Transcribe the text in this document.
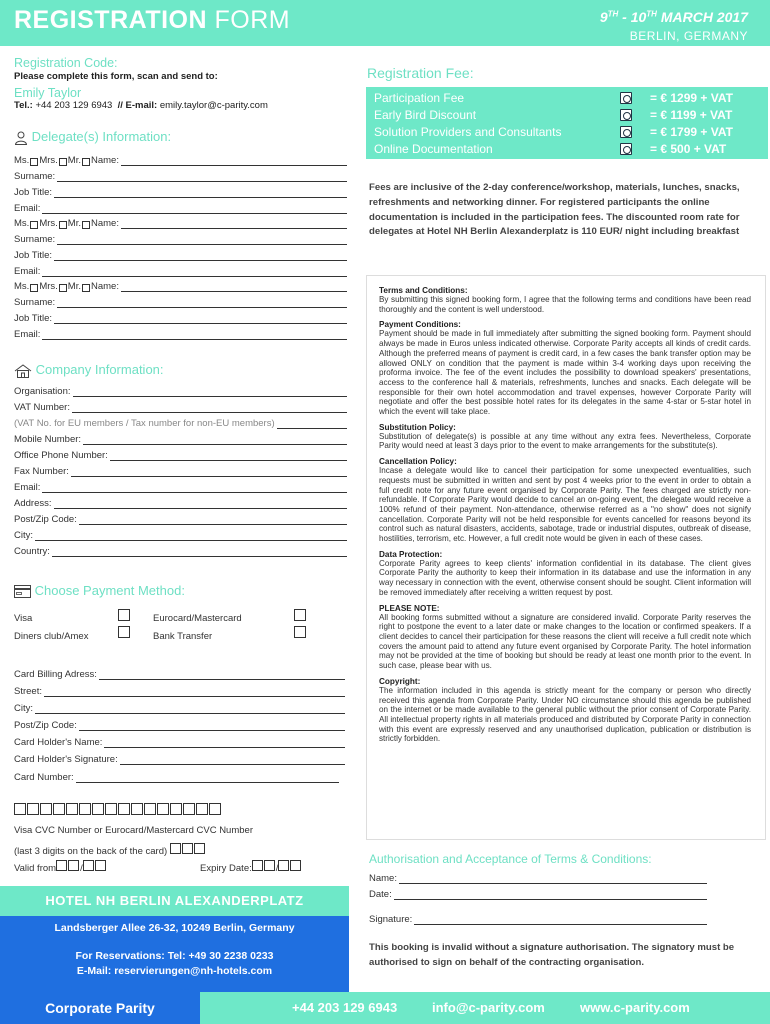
REGISTRATION FORM	9TH - 10TH MARCH 2017
BERLIN, GERMANY
Registration Code:
Please complete this form, scan and send to:
Emily Taylor
Tel.: +44 203 129 6943 // E-mail: emily.taylor@c-parity.com
Delegate(s) Information:
Ms. Mrs. Mr. Name:
Surname:
Job Title:
Email:
Ms. Mrs. Mr. Name:
Surname:
Job Title:
Email:
Ms. Mrs. Mr. Name:
Surname:
Job Title:
Email:
Company Information:
Organisation:
VAT Number:
(VAT No. for EU members / Tax number for non-EU members)
Mobile Number:
Office Phone Number:
Fax Number:
Email:
Address:
Post/Zip Code:
City:
Country:
Choose Payment Method:
Visa	Eurocard/Mastercard
Diners club/Amex	Bank Transfer
Card Billing Adress:
Street:
City:
Post/Zip Code:
Card Holder's Name:
Card Holder's Signature:
Card Number:
Visa CVC Number or Eurocard/Mastercard CVC Number
(last 3 digits on the back of the card)
Valid from	/	Expiry Date:	/
HOTEL NH BERLIN ALEXANDERPLATZ
Landsberger Allee 26-32, 10249 Berlin, Germany
For Reservations: Tel: +49 30 2238 0233
E-Mail: reservierungen@nh-hotels.com
Registration Fee:
Participation Fee	= € 1299 + VAT
Early Bird Discount	= € 1199 + VAT
Solution Providers and Consultants	= € 1799 + VAT
Online Documentation	= € 500 + VAT
Fees are inclusive of the 2-day conference/workshop, materials, lunches, snacks, refreshments and networking dinner. For registered participants the online documentation is included in the participation fees. The discounted room rate for delegates at Hotel NH Berlin Alexanderplatz is 110 EUR/ night including breakfast
Terms and Conditions:
By submitting this signed booking form, I agree that the following terms and conditions have been read thoroughly and the content is well understood.
Payment Conditions:
Payment should be made in full immediately after submitting the signed booking form. Payment should always be made in Euros unless indicated otherwise. Corporate Parity accepts all kinds of credit cards. Although the preferred means of payment is credit card, in a few cases the bank transfer option may be allowed ONLY on condition that the payment is made within 3-4 working days upon receiving the proforma invoice. The fee of the event includes the possibility to download speakers' presentations, access to the conference hall & materials, refreshments, lunches and snacks. Each delegate will be responsible for their own hotel accommodation and travel expenses, however Corporate Parity will negotiate and offer the best possible hotel rates for its delegates in the same 4-star or 5-star hotel in which the event will take place.
Substitution Policy:
Substitution of delegate(s) is possible at any time without any extra fees. Nevertheless, Corporate Parity would need at least 3 days prior to the event to make arrangements for the substitute(s).
Cancellation Policy:
Incase a delegate would like to cancel their participation for some unexpected eventualities, such requests must be submitted in written and sent by post 4 weeks prior to the event in order to obtain a full credit note for any future event organised by Corporate Parity. The fees charged are strictly non-refundable. If Corporate Parity would decide to cancel an on-going event, the delegate would receive a 100% refund of their payment. Non-attendance, otherwise referred as a "no show" does not signify cancellation. Corporate Parity will not be held responsible for events cancelled for reasons beyond its control such as natural disasters, accidents, sabotage, trade or industrial disputes, outbreak of disease, hostilities, terrorism, etc. However, a full credit note would be given in each of these cases.
Data Protection:
Corporate Parity agrees to keep clients' information confidential in its database. The client gives Corporate Parity the authority to keep their information in its database and use the information in any way necessary in connection with the event, otherwise consent should be sought. Client information will be removed immediately after receiving a written request by post.
PLEASE NOTE:
All booking forms submitted without a signature are considered invalid. Corporate Parity reserves the right to postpone the event to a later date or make changes to the location or confirmed speakers. If a client decides to cancel their participation for these reasons the client will receive a full credit note which covers the amount paid to attend any future event organised by Corporate Parity. The hotel information may not be provided at the time of booking but should be ready at least one month prior to the event. In such case, please bear with us.
Copyright:
The information included in this agenda is strictly meant for the company or person who directly received this agenda from Corporate Parity. Under NO circumstance should this agenda be published on the internet or be made available to the general public without the prior consent of Corporate Parity. All intellectual property rights in all materials produced and distributed by Corporate Parity in connection with this event are expressly reserved and any unauthorised duplication, publication or distribution is strictly forbidden.
Authorisation and Acceptance of Terms & Conditions:
Name:
Date:
Signature:
This booking is invalid without a signature authorisation. The signatory must be authorised to sign on behalf of the contracting organisation.
Corporate Parity	+44 203 129 6943	info@c-parity.com	www.c-parity.com
